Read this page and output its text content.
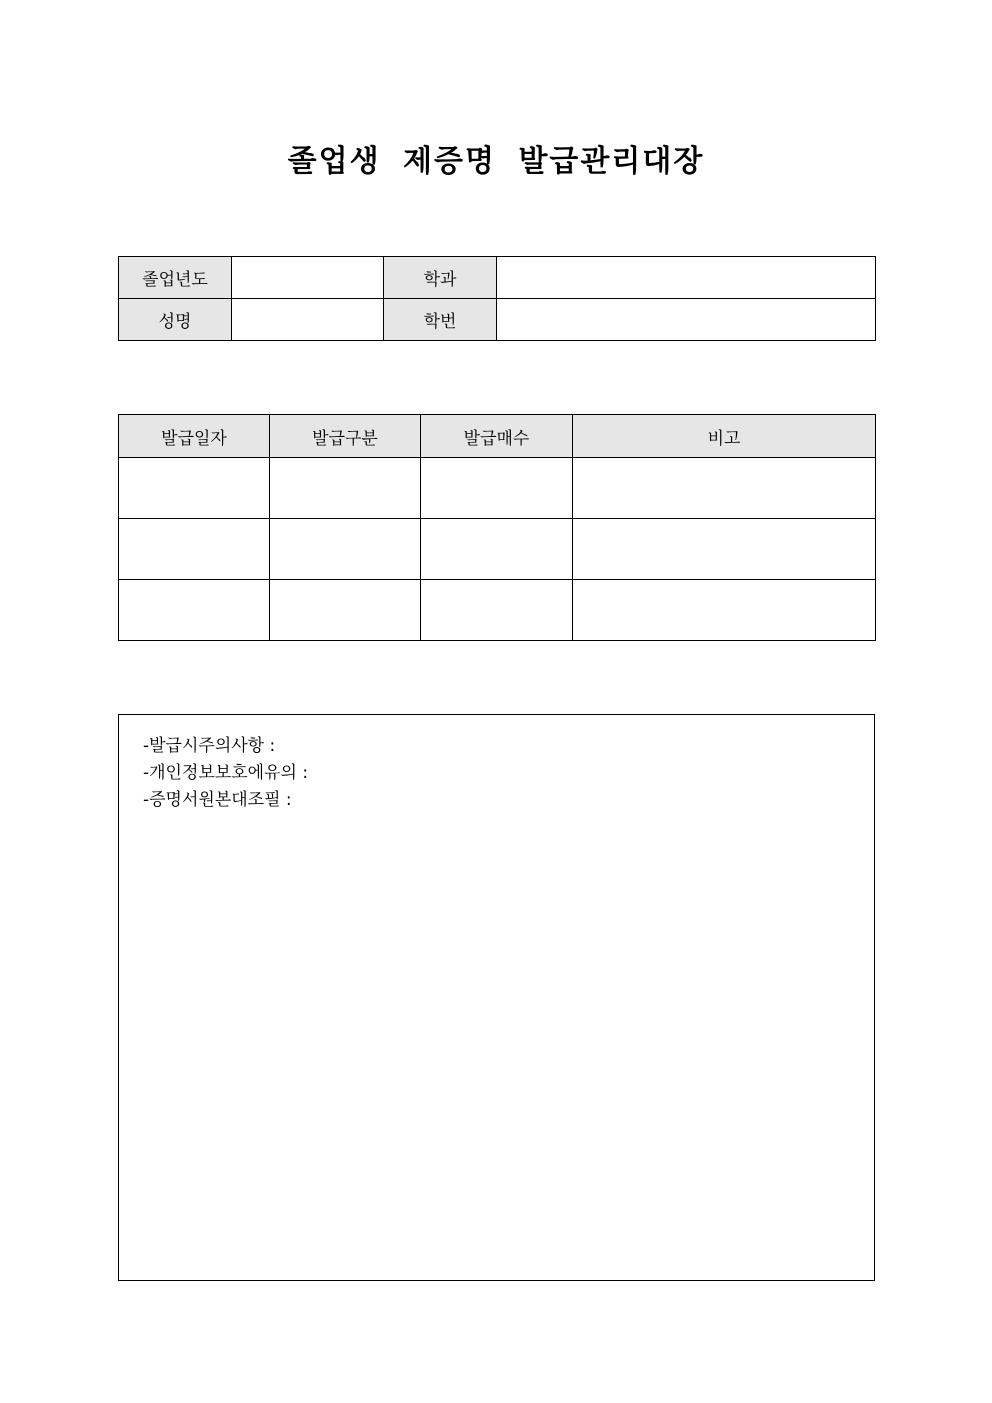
졸업생 제증명 발급관리대장
졸업년도		학과	
성명		학번	
발급일자	발급구분	발급매수	비고

-발급시주의사항 :
-개인정보보호에유의 :
-증명서원본대조필 :
